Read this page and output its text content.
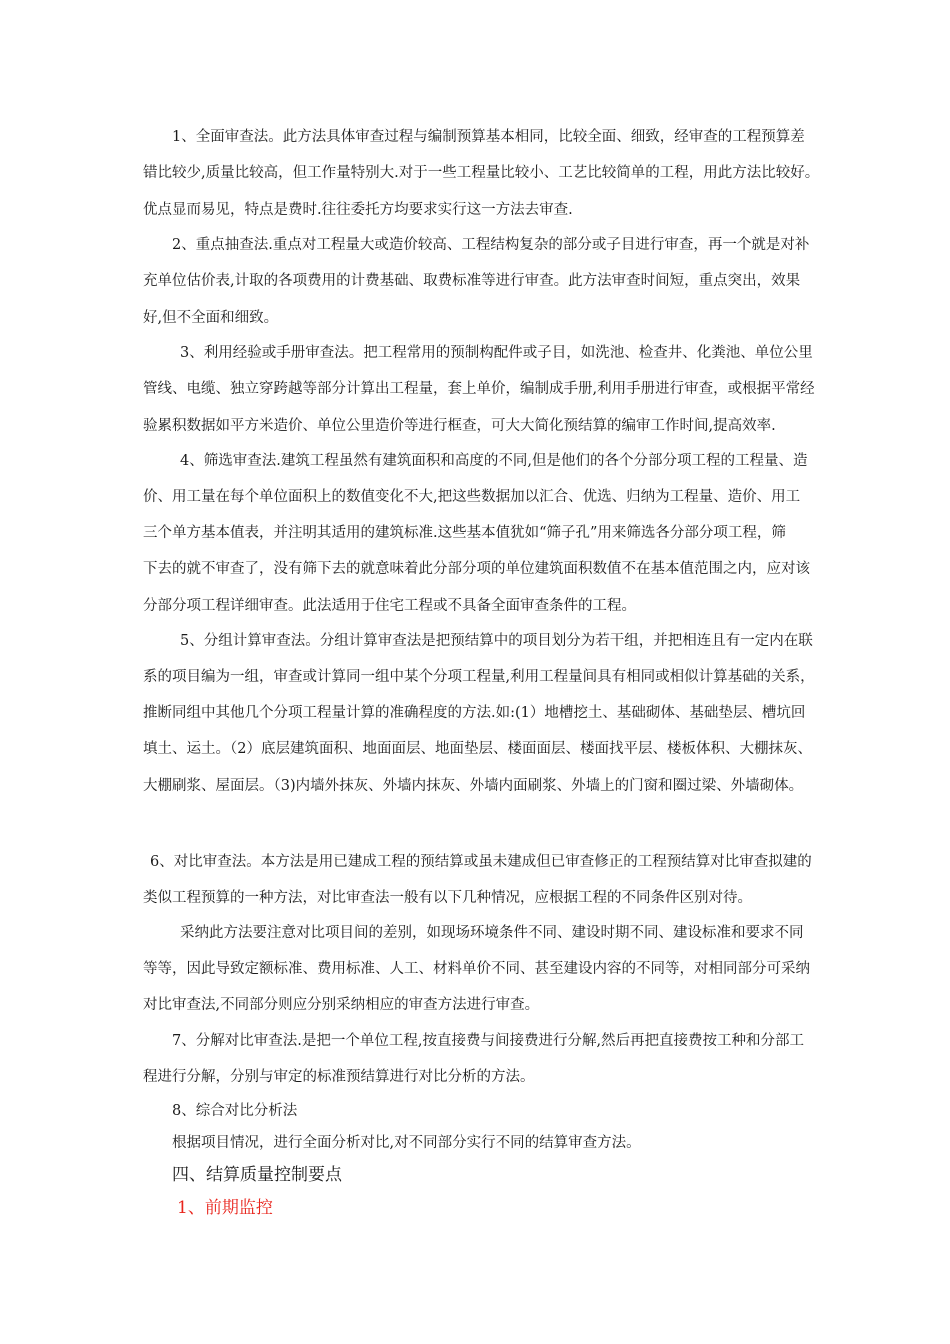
1、全面审查法。此方法具体审查过程与编制预算基本相同，比较全面、细致，经审查的工程预算差
错比较少,质量比较高，但工作量特别大.对于一些工程量比较小、工艺比较简单的工程，用此方法比较好。
优点显而易见，特点是费时.往往委托方均要求实行这一方法去审查.
2、重点抽查法.重点对工程量大或造价较高、工程结构复杂的部分或子目进行审查，再一个就是对补
充单位估价表,计取的各项费用的计费基础、取费标准等进行审查。此方法审查时间短，重点突出，效果
好,但不全面和细致。
3、利用经验或手册审查法。把工程常用的预制构配件或子目，如洗池、检查井、化粪池、单位公里
管线、电缆、独立穿跨越等部分计算出工程量，套上单价，编制成手册,利用手册进行审查，或根据平常经
验累积数据如平方米造价、单位公里造价等进行框查，可大大简化预结算的编审工作时间,提高效率.
4、筛选审查法.建筑工程虽然有建筑面积和高度的不同,但是他们的各个分部分项工程的工程量、造
价、用工量在每个单位面积上的数值变化不大,把这些数据加以汇合、优选、归纳为工程量、造价、用工
三个单方基本值表，并注明其适用的建筑标准.这些基本值犹如“筛子孔”用来筛选各分部分项工程，筛
下去的就不审查了，没有筛下去的就意味着此分部分项的单位建筑面积数值不在基本值范围之内，应对该
分部分项工程详细审查。此法适用于住宅工程或不具备全面审查条件的工程。
5、分组计算审查法。分组计算审查法是把预结算中的项目划分为若干组，并把相连且有一定内在联
系的项目编为一组，审查或计算同一组中某个分项工程量,利用工程量间具有相同或相似计算基础的关系，
推断同组中其他几个分项工程量计算的准确程度的方法.如:(1）地槽挖土、基础砌体、基础垫层、槽坑回
填土、运土。（2）底层建筑面积、地面面层、地面垫层、楼面面层、楼面找平层、楼板体积、大棚抹灰、
大棚刷浆、屋面层。（3)内墙外抹灰、外墙内抹灰、外墙内面刷浆、外墙上的门窗和圈过梁、外墙砌体。
6、对比审查法。本方法是用已建成工程的预结算或虽未建成但已审查修正的工程预结算对比审查拟建的
类似工程预算的一种方法，对比审查法一般有以下几种情况，应根据工程的不同条件区别对待。
采纳此方法要注意对比项目间的差别，如现场环境条件不同、建设时期不同、建设标准和要求不同
等等，因此导致定额标准、费用标准、人工、材料单价不同、甚至建设内容的不同等，对相同部分可采纳
对比审查法,不同部分则应分别采纳相应的审查方法进行审查。
7、分解对比审查法.是把一个单位工程,按直接费与间接费进行分解,然后再把直接费按工种和分部工
程进行分解，分别与审定的标准预结算进行对比分析的方法。
8、综合对比分析法
根据项目情况，进行全面分析对比,对不同部分实行不同的结算审查方法。
四、结算质量控制要点
1、前期监控
